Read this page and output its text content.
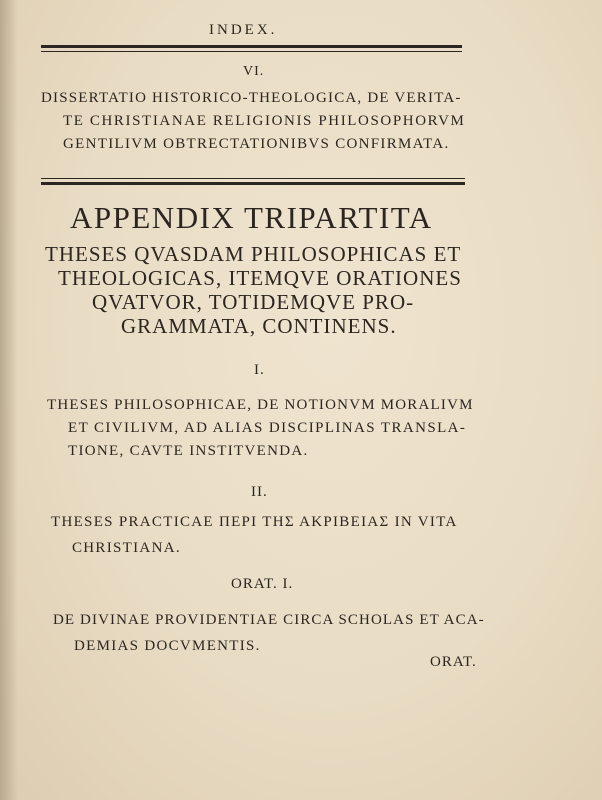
INDEX.
VI.
DISSERTATIO HISTORICO-THEOLOGICA, DE VERITA-
TE CHRISTIANAE RELIGIONIS PHILOSOPHORVM
GENTILIVM OBTRECTATIONIBVS CONFIRMATA.
APPENDIX TRIPARTITA
THESES QVASDAM PHILOSOPHICAS ET
THEOLOGICAS, ITEMQVE ORATIONES
QVATVOR, TOTIDEMQVE PRO-
GRAMMATA, CONTINENS.
I.
THESES PHILOSOPHICAE, DE NOTIONVM MORALIVM
ET CIVILIVM, AD ALIAS DISCIPLINAS TRANSLA-
TIONE, CAVTE INSTITVENDA.
II.
THESES PRACTICAE ΠΕΡΙ ΤΗΣ ΑΚΡΙΒΕΙΑΣ IN VITA
CHRISTIANA.
ORAT. I.
DE DIVINAE PROVIDENTIAE CIRCA SCHOLAS ET ACA-
DEMIAS DOCVMENTIS.
ORAT.
